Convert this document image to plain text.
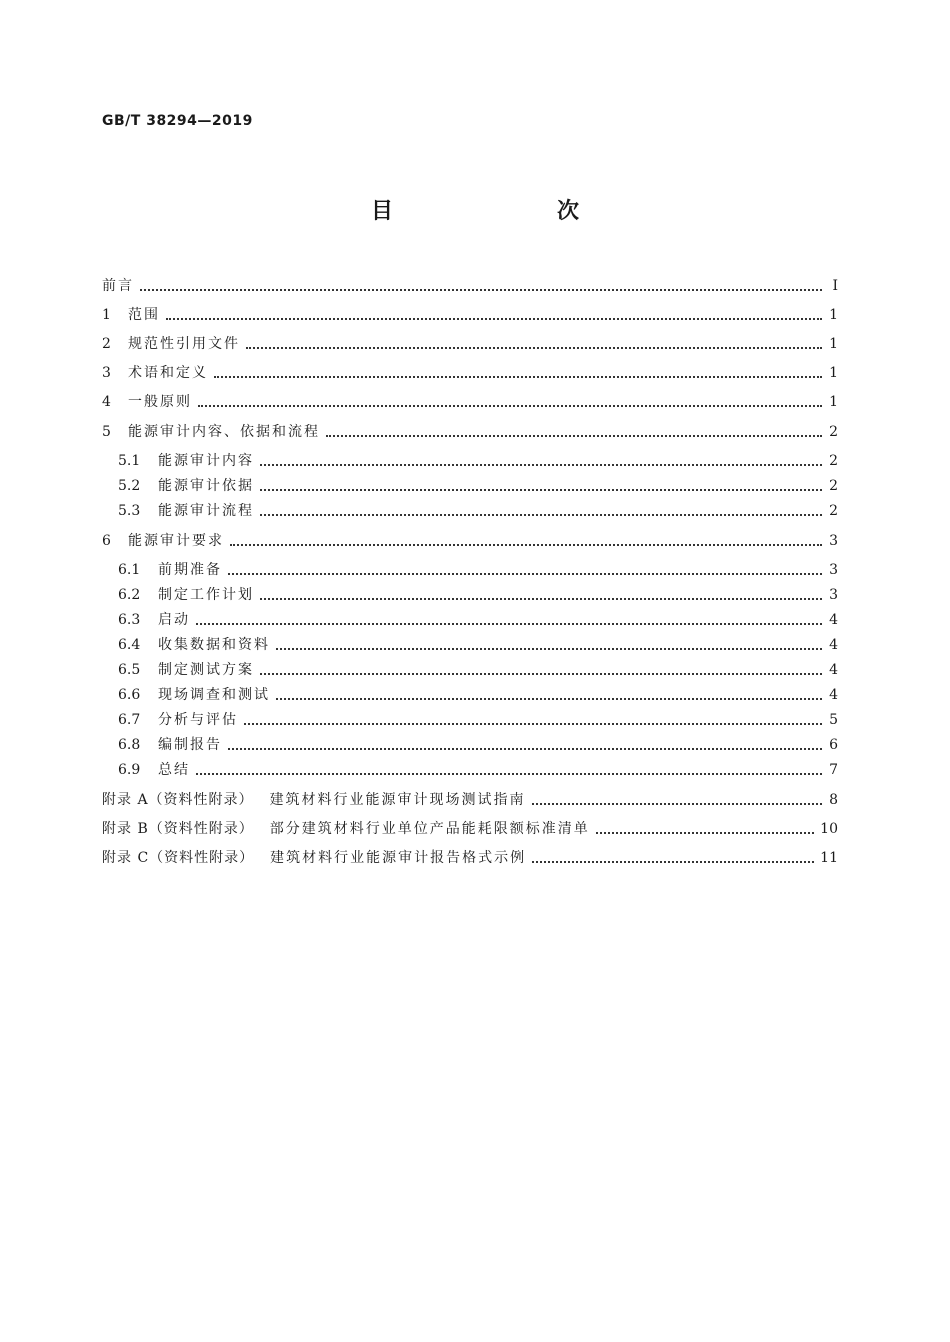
GB/T 38294—2019
目　　次
前言	Ⅰ
1	范围	1
2	规范性引用文件	1
3	术语和定义	1
4	一般原则	1
5	能源审计内容、依据和流程	2
5.1	能源审计内容	2
5.2	能源审计依据	2
5.3	能源审计流程	2
6	能源审计要求	3
6.1	前期准备	3
6.2	制定工作计划	3
6.3	启动	4
6.4	收集数据和资料	4
6.5	制定测试方案	4
6.6	现场调查和测试	4
6.7	分析与评估	5
6.8	编制报告	6
6.9	总结	7
附录 A（资料性附录） 建筑材料行业能源审计现场测试指南	8
附录 B（资料性附录） 部分建筑材料行业单位产品能耗限额标准清单	10
附录 C（资料性附录） 建筑材料行业能源审计报告格式示例	11
